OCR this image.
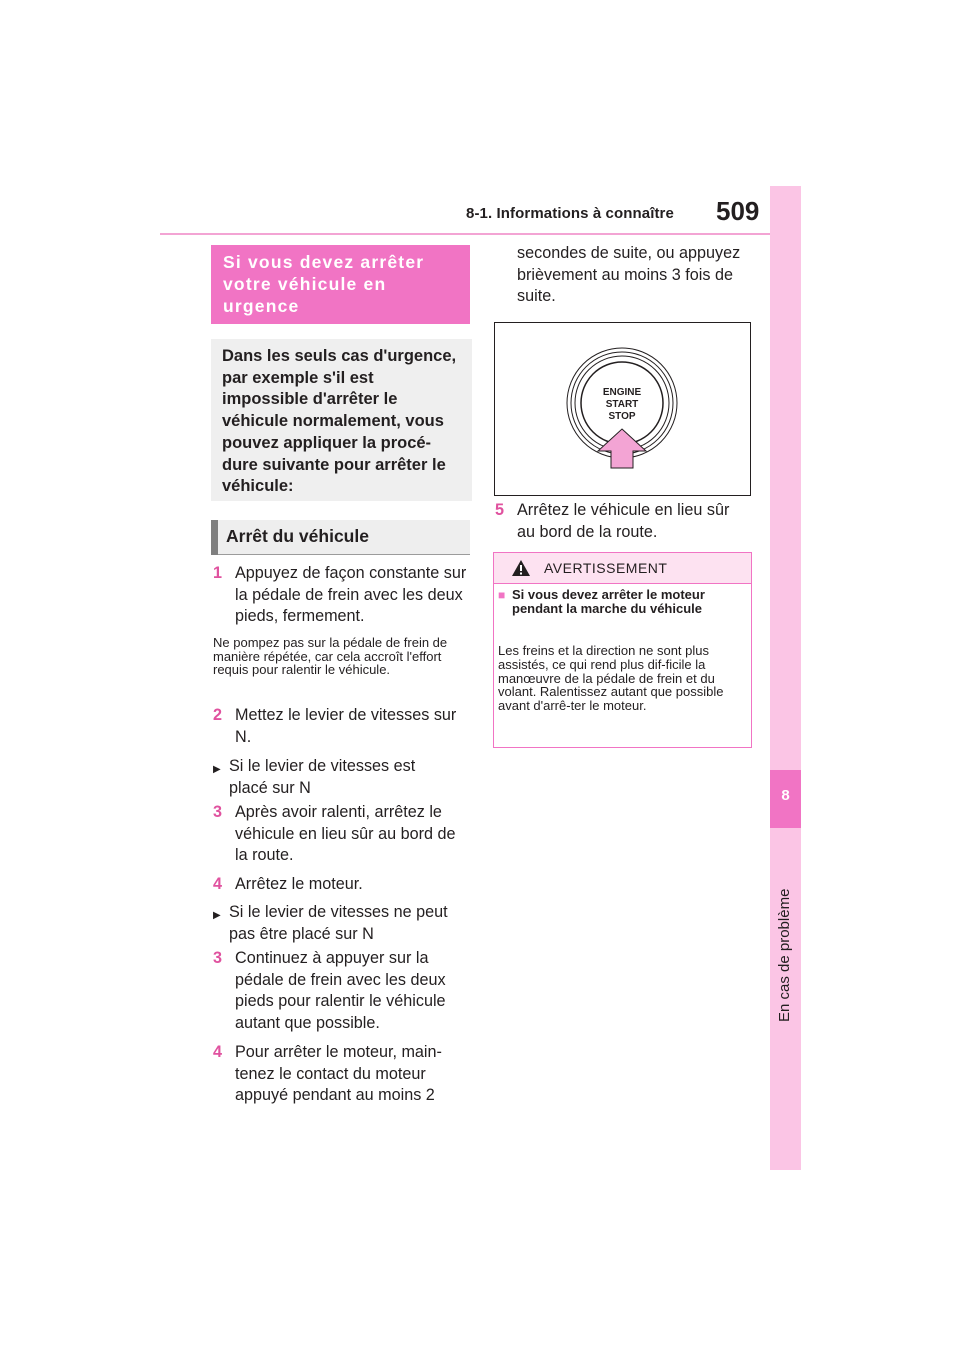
8-1. Informations à connaître 509
8
En cas de problème
Si vous devez arrêter votre véhicule en urgence
Dans les seuls cas d'urgence, par exemple s'il est impossible d'arrêter le véhicule normalement, vous pouvez appliquer la procé-dure suivante pour arrêter le véhicule:
Arrêt du véhicule
1 Appuyez de façon constante sur la pédale de frein avec les deux pieds, fermement.
Ne pompez pas sur la pédale de frein de manière répétée, car cela accroît l'effort requis pour ralentir le véhicule.
2 Mettez le levier de vitesses sur N.
▶ Si le levier de vitesses est placé sur N
3 Après avoir ralenti, arrêtez le véhicule en lieu sûr au bord de la route.
4 Arrêtez le moteur.
▶ Si le levier de vitesses ne peut pas être placé sur N
3 Continuez à appuyer sur la pédale de frein avec les deux pieds pour ralentir le véhicule autant que possible.
4 Pour arrêter le moteur, main-tenez le contact du moteur appuyé pendant au moins 2
secondes de suite, ou appuyez brièvement au moins 3 fois de suite.
ENGINE
START
STOP
5 Arrêtez le véhicule en lieu sûr au bord de la route.
AVERTISSEMENT
■ Si vous devez arrêter le moteur pendant la marche du véhicule
Les freins et la direction ne sont plus assistés, ce qui rend plus dif-ficile la manœuvre de la pédale de frein et du volant. Ralentissez autant que possible avant d'arrê-ter le moteur.
